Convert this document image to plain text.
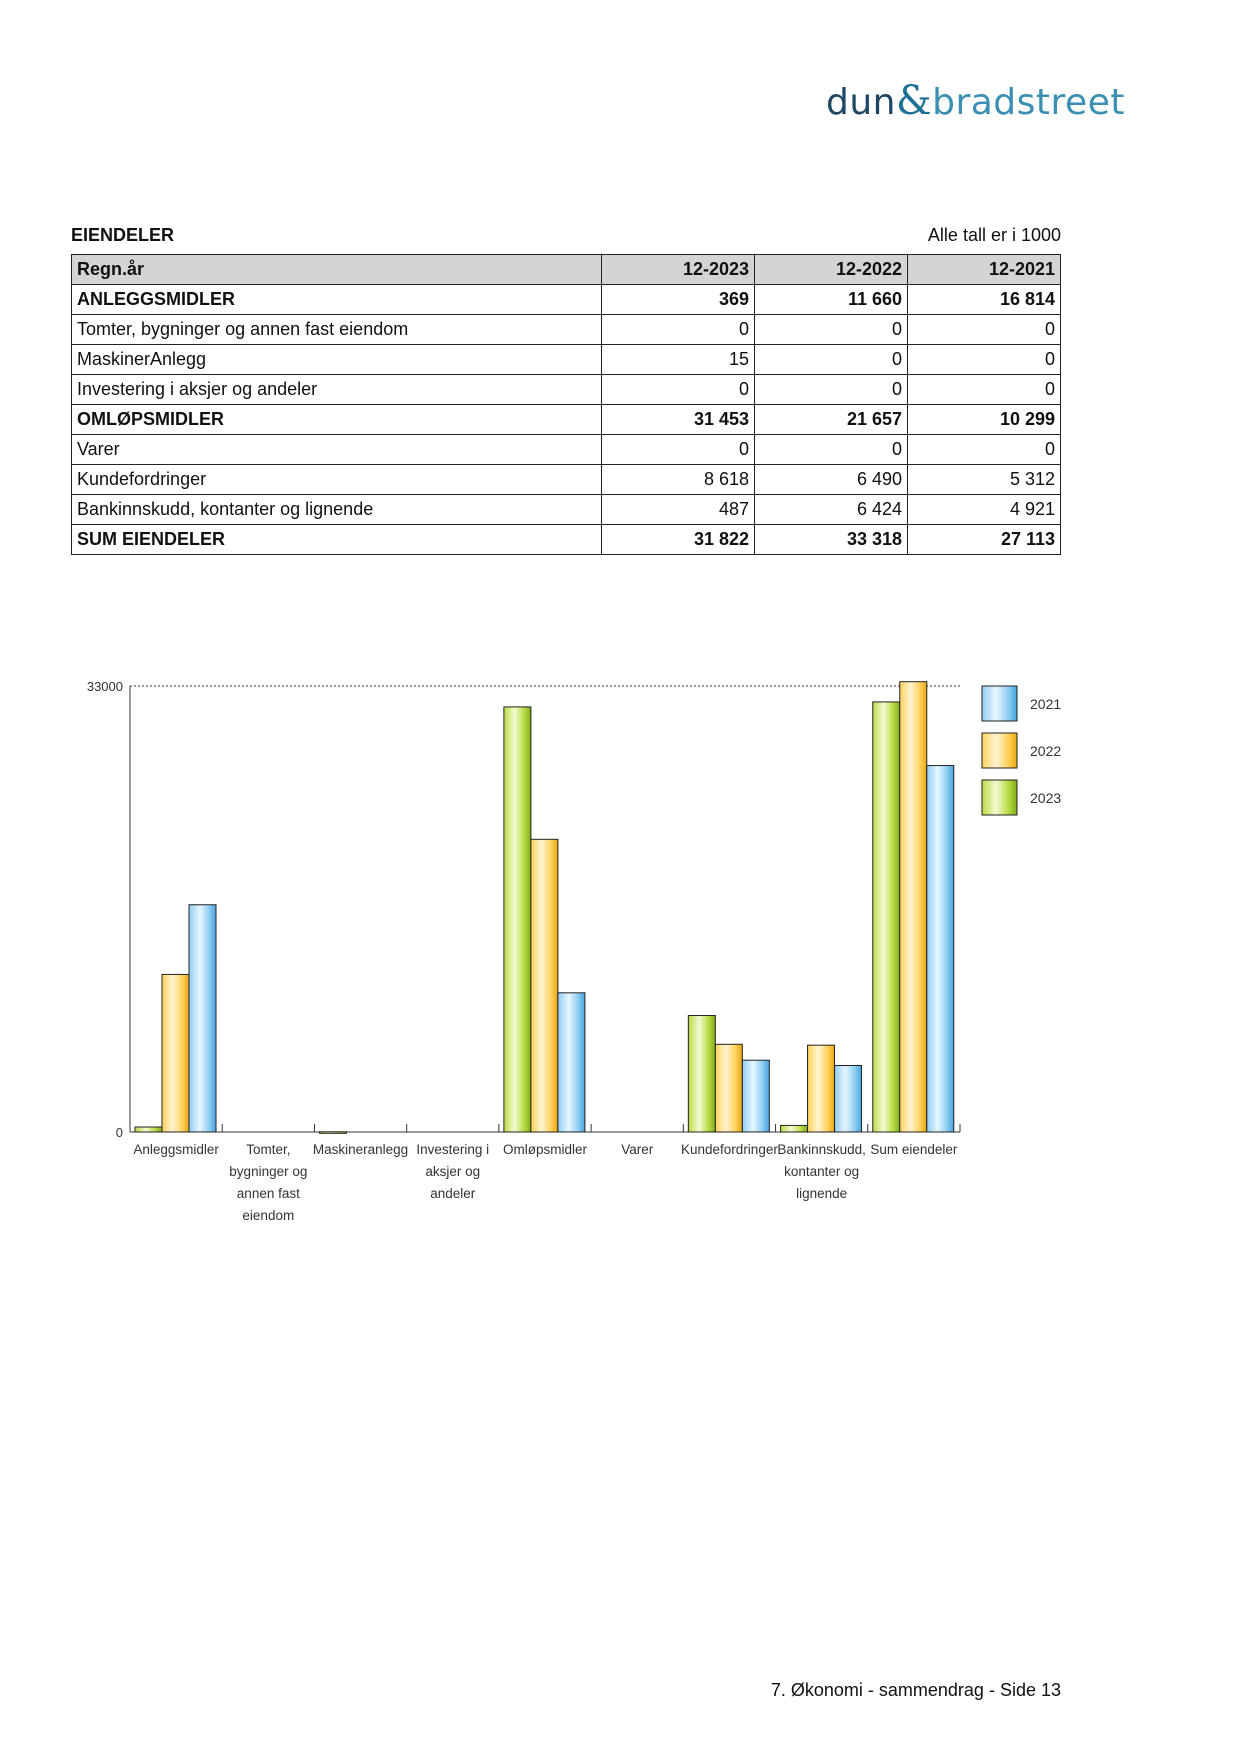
dun&bradstreet
EIENDELER	Alle tall er i 1000
Regn.år	12-2023	12-2022	12-2021
ANLEGGSMIDLER	369	11 660	16 814
Tomter, bygninger og annen fast eiendom	0	0	0
MaskinerAnlegg	15	0	0
Investering i aksjer og andeler	0	0	0
OMLØPSMIDLER	31 453	21 657	10 299
Varer	0	0	0
Kundefordringer	8 618	6 490	5 312
Bankinnskudd, kontanter og lignende	487	6 424	4 921
SUM EIENDELER	31 822	33 318	27 113
0
33000
Anleggsmidler	Tomter, bygninger og annen fast eiendom
Maskineranlegg Investering i aksjer og andeler
Omløpsmidler	Varer Kundefordringer Bankinnskudd, kontanter og lignende
Sum eiendeler
2021
2022
2023
7. Økonomi - sammendrag - Side 13
